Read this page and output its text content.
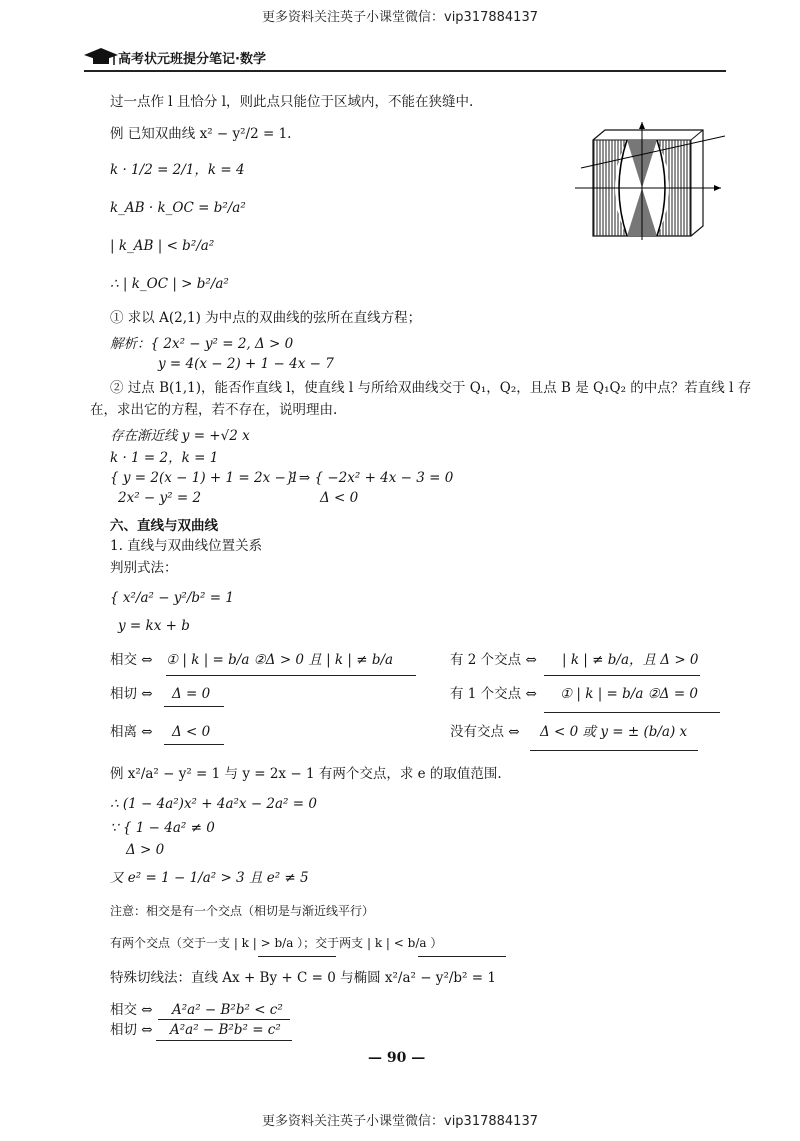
更多资料关注英子小课堂微信：vip317884137
高考状元班提分笔记·数学
过一点作 l 且恰分 l，则此点只能位于区域内，不能在狭缝中.
例 已知双曲线 x² − y²/2 = 1.
k · 1/2 = 2/1，k = 4
k_AB · k_OC = b²/a²
| k_AB | < b²/a²
∴ | k_OC | > b²/a²
① 求以 A(2,1) 为中点的双曲线的弦所在直线方程；
解析：{ 2x² − y² = 2, Δ > 0
y = 4(x − 2) + 1 − 4x − 7
② 过点 B(1,1)，能否作直线 l，使直线 l 与所给双曲线交于 Q₁，Q₂，且点 B 是 Q₁Q₂ 的中点？若直线 l 存
在，求出它的方程，若不存在，说明理由.
存在渐近线 y = +√2 x
k · 1 = 2，k = 1
{ y = 2(x − 1) + 1 = 2x − 1
2x² − y² = 2
} ⇒ { −2x² + 4x − 3 = 0
Δ < 0
六、直线与双曲线
1. 直线与双曲线位置关系
判别式法：
{ x²/a² − y²/b² = 1
y = kx + b
相交 ⇔ ① | k | = b/a ②Δ > 0 且 | k | ≠ b/a	有 2 个交点 ⇔ | k | ≠ b/a，且 Δ > 0
相切 ⇔ Δ = 0	有 1 个交点 ⇔ ① | k | = b/a ②Δ = 0
相离 ⇔ Δ < 0	没有交点 ⇔ Δ < 0 或 y = ± (b/a) x
例 x²/a² − y² = 1 与 y = 2x − 1 有两个交点，求 e 的取值范围.
∴ (1 − 4a²)x² + 4a²x − 2a² = 0
∵ { 1 − 4a² ≠ 0
Δ > 0
又 e² = 1 − 1/a² > 3 且 e² ≠ 5
注意：相交是有一个交点（相切是与渐近线平行）
有两个交点（交于一支 | k | > b/a ）；交于两支 | k | < b/a ）
特殊切线法：直线 Ax + By + C = 0 与椭圆 x²/a² − y²/b² = 1
相交 ⇔ A²a² − B²b² < c²
相切 ⇔ A²a² − B²b² = c²
— 90 —
更多资料关注英子小课堂微信：vip317884137
